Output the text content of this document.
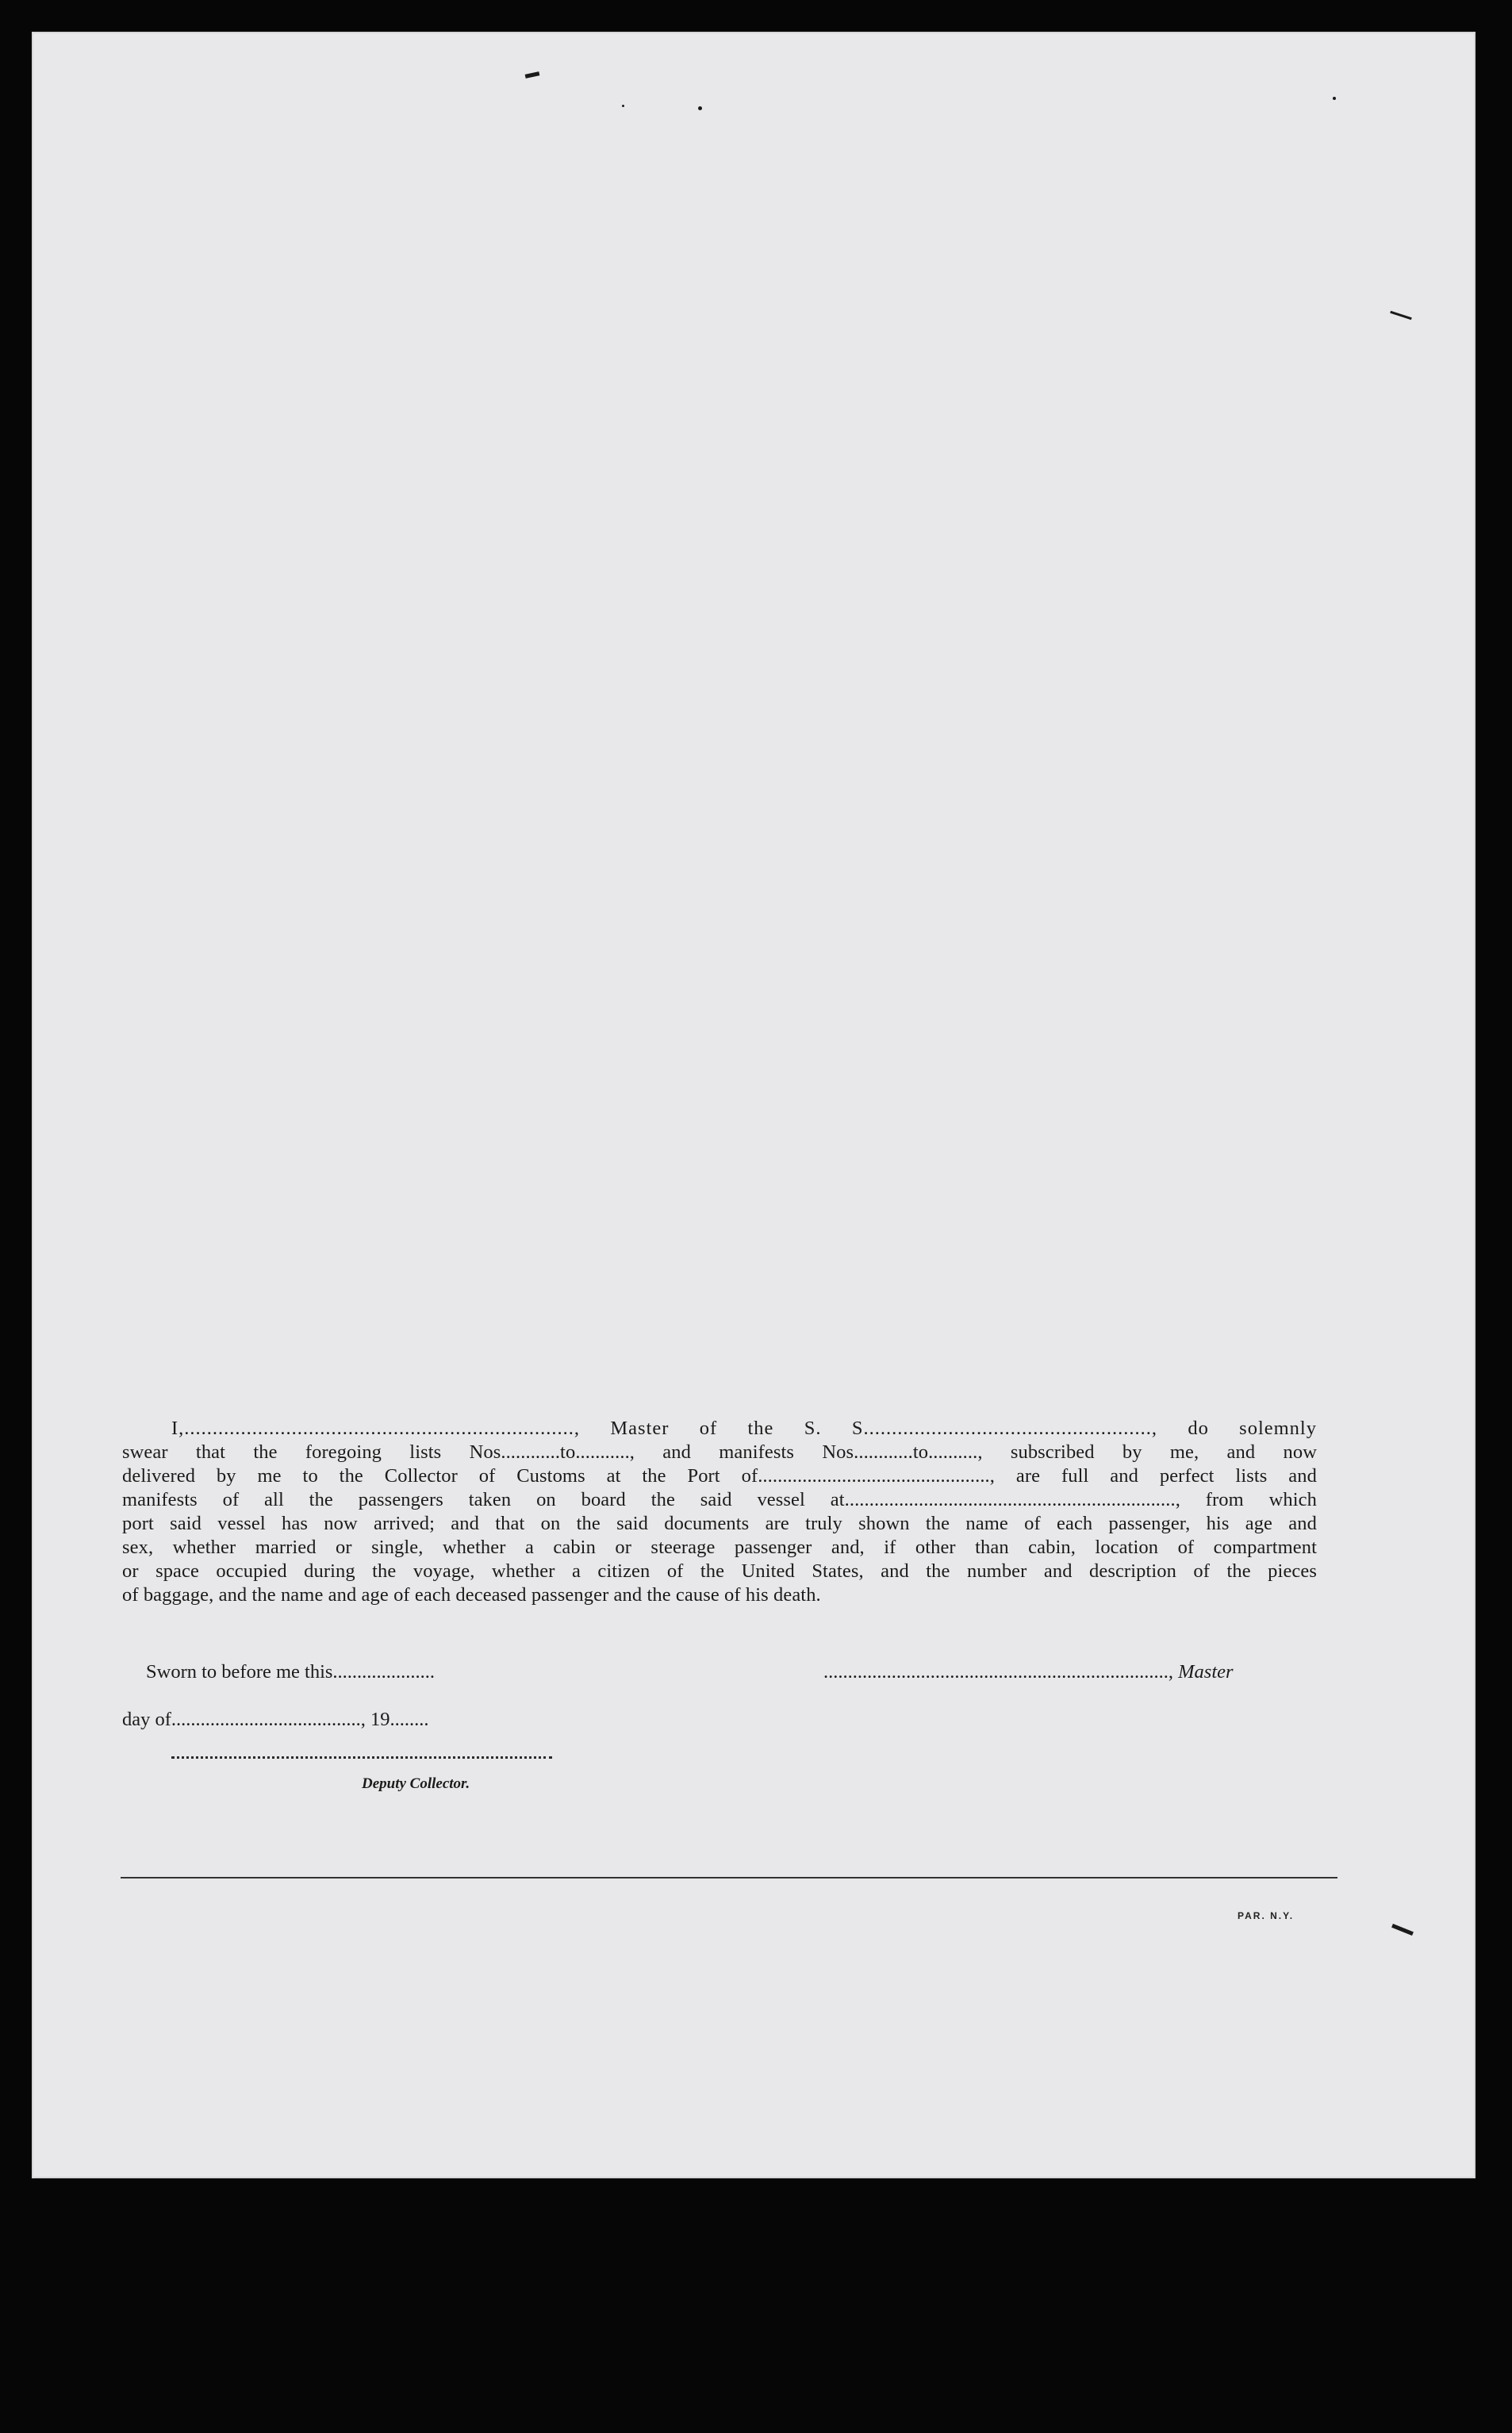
I,....................................................................., Master of the S. S..................................................., do solemnly
swear that the foregoing lists Nos............to..........., and manifests Nos............to.........., subscribed by me, and now
delivered by me to the Collector of Customs at the Port of..............................................., are full and perfect lists and
manifests of all the passengers taken on board the said vessel at..................................................................., from which
port said vessel has now arrived; and that on the said documents are truly shown the name of each passenger, his age and
sex, whether married or single, whether a cabin or steerage passenger and, if other than cabin, location of compartment
or space occupied during the voyage, whether a citizen of the United States, and the number and description of the pieces
of baggage, and the name and age of each deceased passenger and the cause of his death.
Sworn to before me this.....................	......................................................................., Master
day of......................................., 19........
Deputy Collector.
PAR. N.Y.
